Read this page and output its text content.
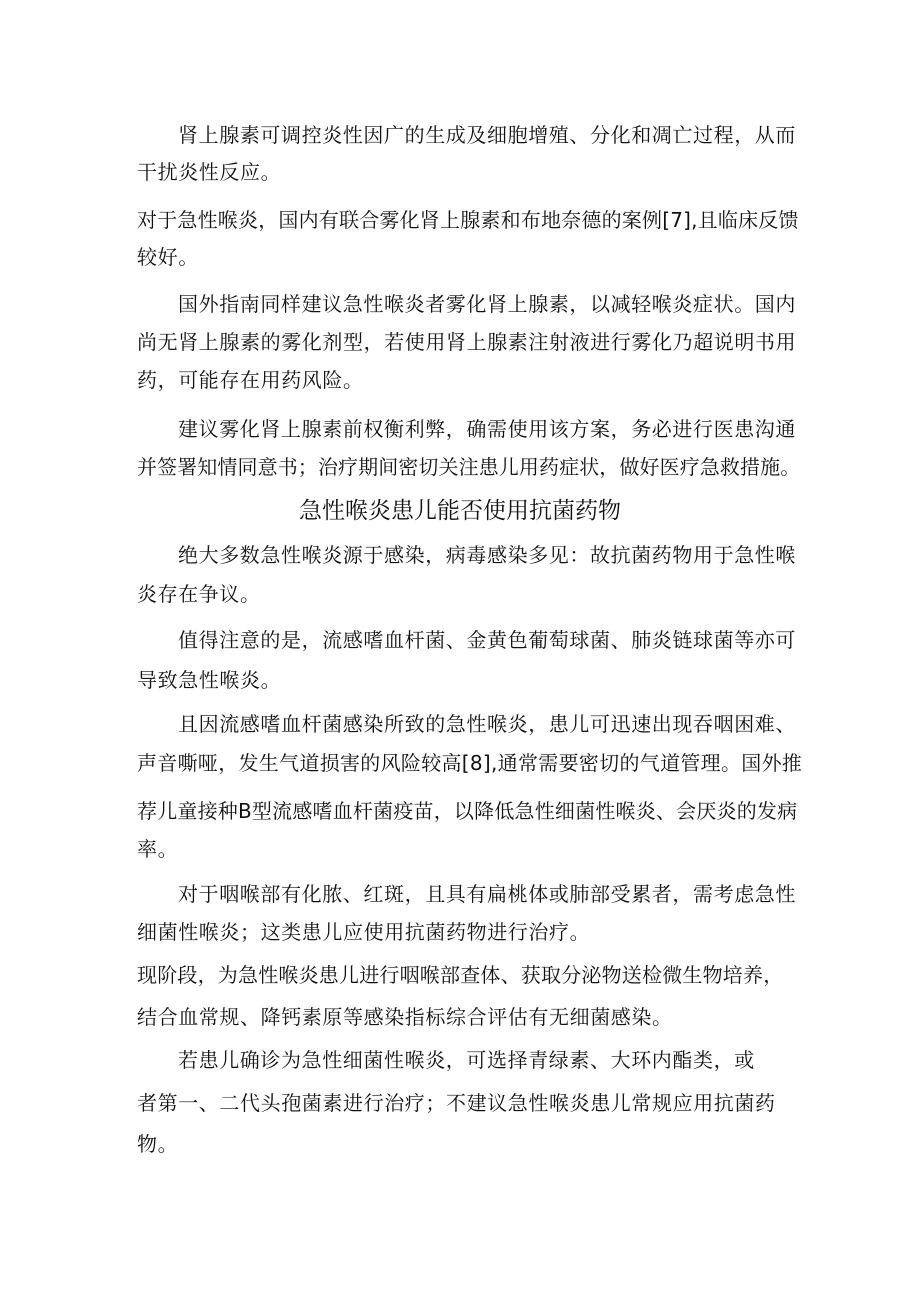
肾上腺素可调控炎性因广的生成及细胞增殖、分化和凋亡过程，从而

干扰炎性反应。

对于急性喉炎，国内有联合雾化肾上腺素和布地奈德的案例[7],且临床反馈

较好。

国外指南同样建议急性喉炎者雾化肾上腺素，以减轻喉炎症状。国内

尚无肾上腺素的雾化剂型，若使用肾上腺素注射液进行雾化乃超说明书用

药，可能存在用药风险。

建议雾化肾上腺素前权衡利弊，确需使用该方案，务必进行医患沟通

并签署知情同意书；治疗期间密切关注患儿用药症状，做好医疗急救措施。

急性喉炎患儿能否使用抗菌药物

绝大多数急性喉炎源于感染，病毒感染多见：故抗菌药物用于急性喉

炎存在争议。

值得注意的是，流感嗜血杆菌、金黄色葡萄球菌、肺炎链球菌等亦可

导致急性喉炎。

且因流感嗜血杆菌感染所致的急性喉炎，患儿可迅速出现吞咽困难、

声音嘶哑，发生气道损害的风险较高[8],通常需要密切的气道管理。国外推

荐儿童接种B型流感嗜血杆菌疫苗，以降低急性细菌性喉炎、会厌炎的发病

率。

对于咽喉部有化脓、红斑，且具有扁桃体或肺部受累者，需考虑急性

细菌性喉炎；这类患儿应使用抗菌药物进行治疗。

现阶段，为急性喉炎患儿进行咽喉部查体、获取分泌物送检微生物培养，

结合血常规、降钙素原等感染指标综合评估有无细菌感染。

若患儿确诊为急性细菌性喉炎，可选择青绿素、大环内酯类，或

者第一、二代头孢菌素进行治疗；不建议急性喉炎患儿常规应用抗菌药

物。
